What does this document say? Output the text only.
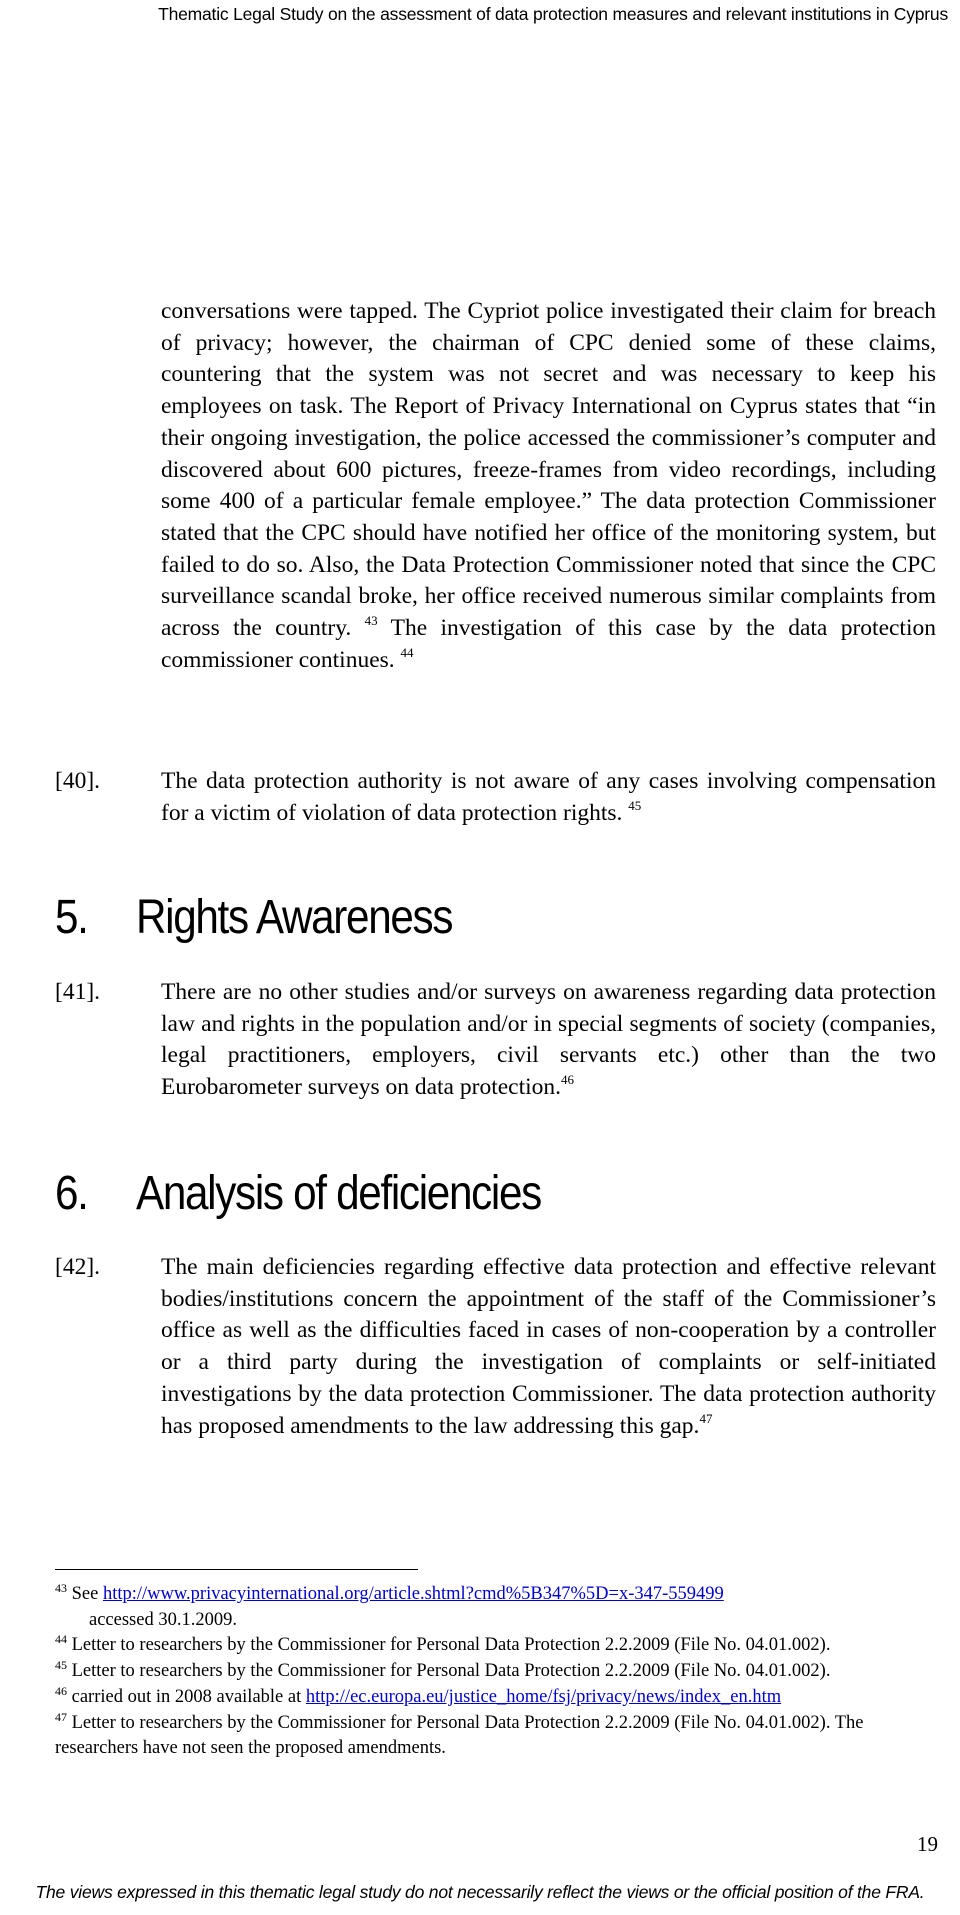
Thematic Legal Study on the assessment of data protection measures and relevant institutions in Cyprus
conversations were tapped. The Cypriot police investigated their claim for breach of privacy; however, the chairman of CPC denied some of these claims, countering that the system was not secret and was necessary to keep his employees on task. The Report of Privacy International on Cyprus states that “in their ongoing investigation, the police accessed the commissioner’s computer and discovered about 600 pictures, freeze-frames from video recordings, including some 400 of a particular female employee.” The data protection Commissioner stated that the CPC should have notified her office of the monitoring system, but failed to do so. Also, the Data Protection Commissioner noted that since the CPC surveillance scandal broke, her office received numerous similar complaints from across the country. $^{43}$ The investigation of this case by the data protection commissioner continues. $^{44}$
[40].	The data protection authority is not aware of any cases involving compensation for a victim of violation of data protection rights. $^{45}$
5. Rights Awareness
[41].	There are no other studies and/or surveys on awareness regarding data protection law and rights in the population and/or in special segments of society (companies, legal practitioners, employers, civil servants etc.) other than the two Eurobarometer surveys on data protection.$^{46}$
6. Analysis of deficiencies
[42].	The main deficiencies regarding effective data protection and effective relevant bodies/institutions concern the appointment of the staff of the Commissioner’s office as well as the difficulties faced in cases of non-cooperation by a controller or a third party during the investigation of complaints or self-initiated investigations by the data protection Commissioner. The data protection authority has proposed amendments to the law addressing this gap.$^{47}$
$^{43}$ See http://www.privacyinternational.org/article.shtml?cmd%5B347%5D=x-347-559499
accessed 30.1.2009.
$^{44}$ Letter to researchers by the Commissioner for Personal Data Protection 2.2.2009 (File No. 04.01.002).
$^{45}$ Letter to researchers by the Commissioner for Personal Data Protection 2.2.2009 (File No. 04.01.002).
$^{46}$ carried out in 2008 available at http://ec.europa.eu/justice_home/fsj/privacy/news/index_en.htm
$^{47}$ Letter to researchers by the Commissioner for Personal Data Protection 2.2.2009 (File No. 04.01.002). The researchers have not seen the proposed amendments.
19
The views expressed in this thematic legal study do not necessarily reflect the views or the official position of the FRA.
